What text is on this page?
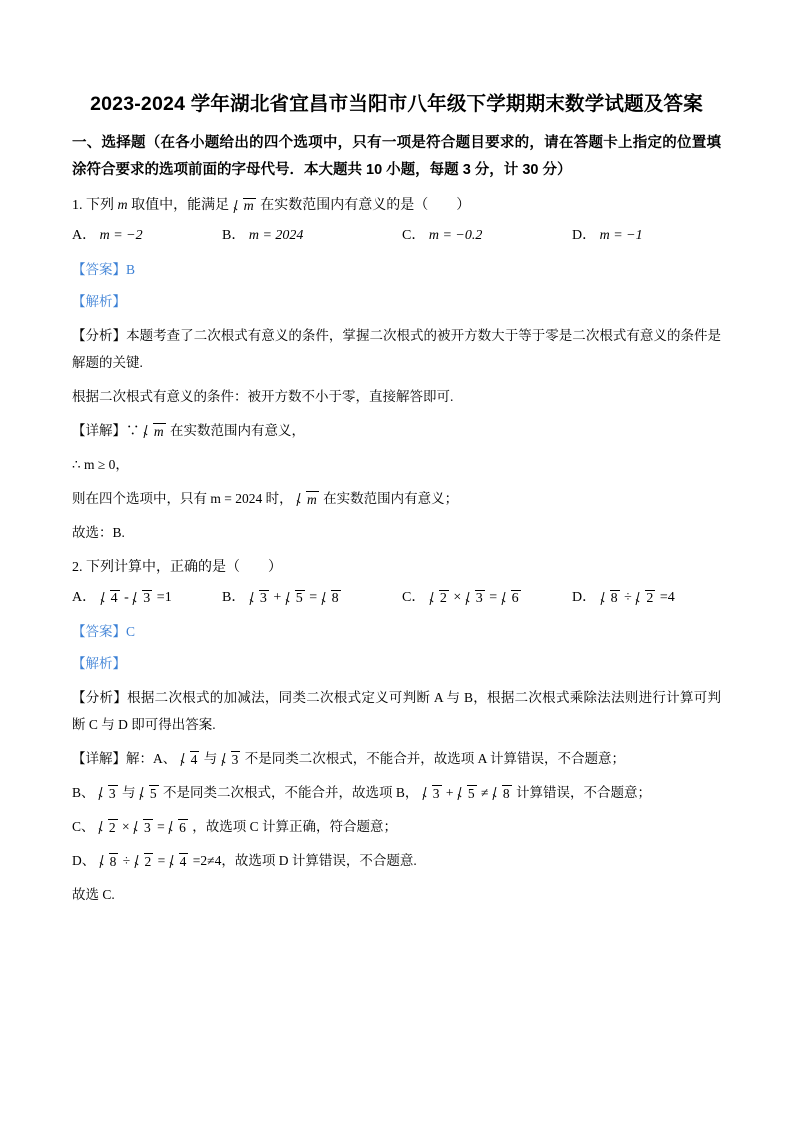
2023-2024 学年湖北省宜昌市当阳市八年级下学期期末数学试题及答案
一、选择题（在各小题给出的四个选项中，只有一项是符合题目要求的，请在答题卡上指定的位置填涂符合要求的选项前面的字母代号．本大题共 10 小题，每题 3 分，计 30 分）
1. 下列 m 取值中，能满足 m 在实数范围内有意义的是（　　）
A． m = −2	B． m = 2024	C． m = −0.2	D． m = −1
【答案】B
【解析】
【分析】本题考查了二次根式有意义的条件，掌握二次根式的被开方数大于等于零是二次根式有意义的条件是解题的关键.
根据二次根式有意义的条件：被开方数不小于零，直接解答即可.
【详解】∵ m 在实数范围内有意义，
∴ m ≥ 0，
则在四个选项中，只有 m = 2024 时， m 在实数范围内有意义；
故选：B.
2. 下列计算中，正确的是（　　）
A． 4 - 3 =1	B． 3 + 5 = 8	C． 2 × 3 = 6	D． 8 ÷ 2 =4
【答案】C
【解析】
【分析】根据二次根式的加减法，同类二次根式定义可判断 A 与 B，根据二次根式乘除法法则进行计算可判断 C 与 D 即可得出答案.
【详解】解：A、 4 与 3 不是同类二次根式，不能合并，故选项 A 计算错误，不合题意；
B、 3 与 5 不是同类二次根式，不能合并，故选项 B， 3 + 5 ≠ 8 计算错误，不合题意；
C、 2 × 3 = 6 ，故选项 C 计算正确，符合题意；
D、 8 ÷ 2 = 4 =2≠4，故选项 D 计算错误，不合题意.
故选 C.
